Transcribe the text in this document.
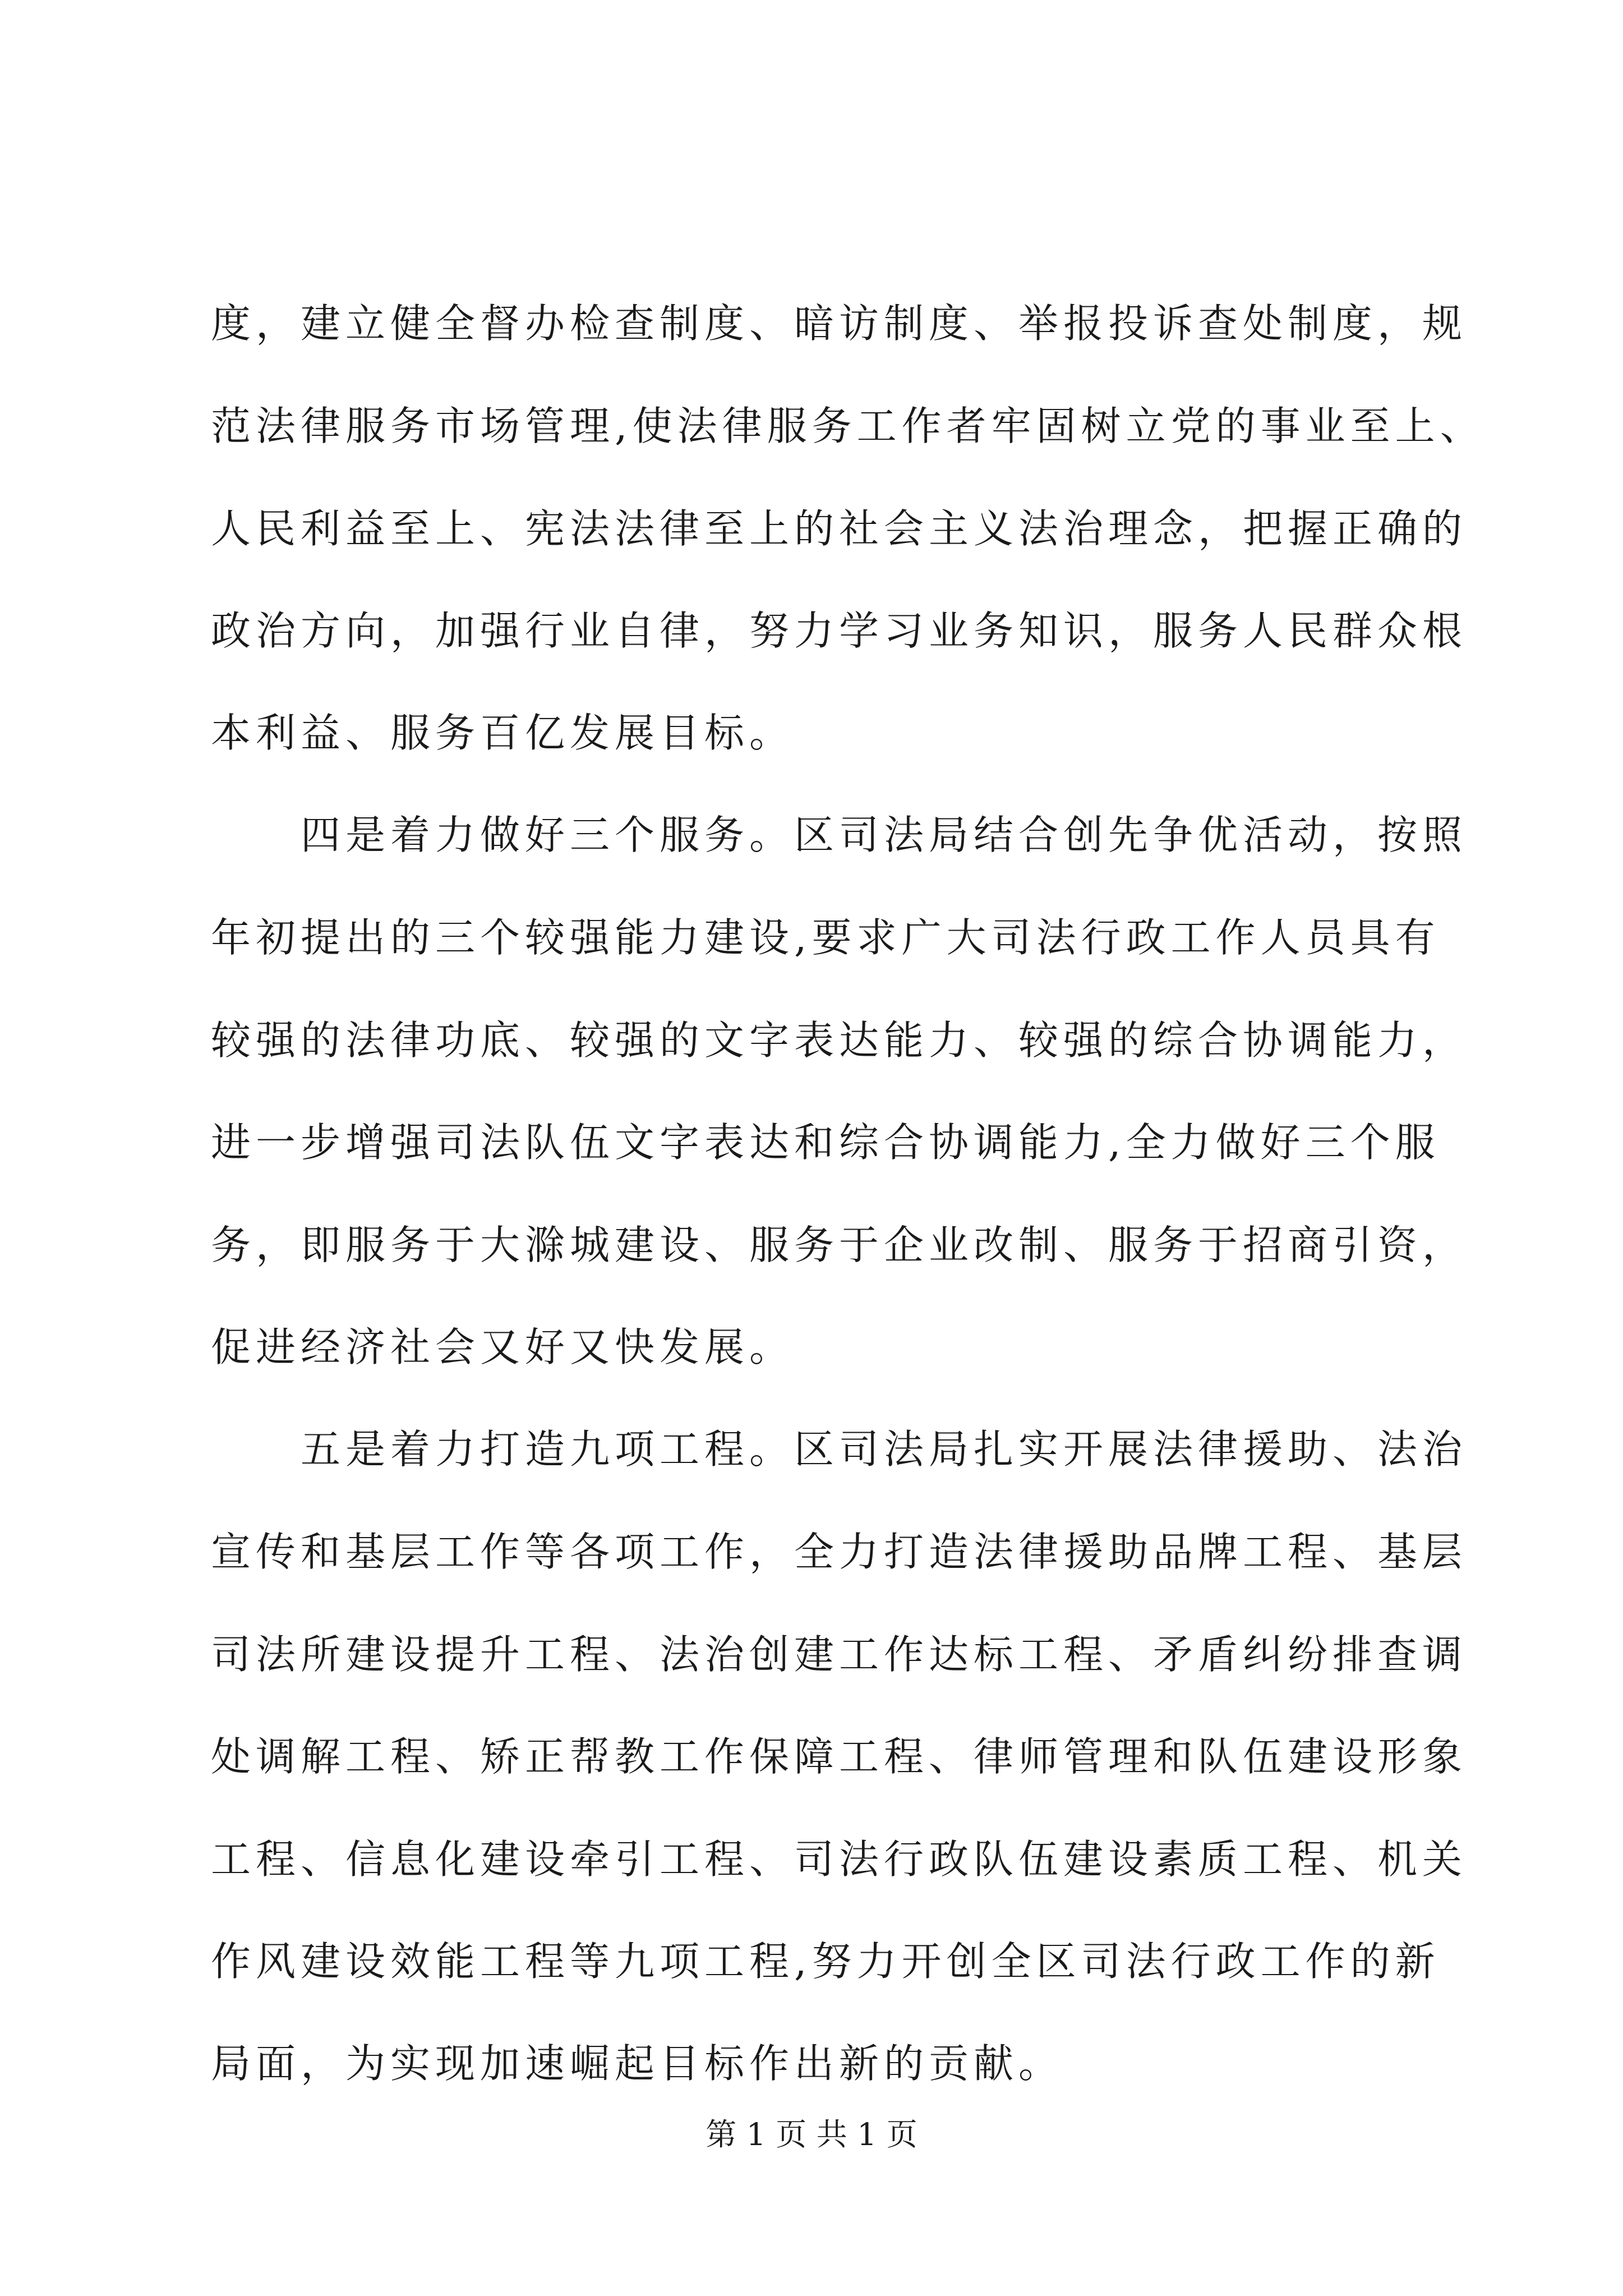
度，建立健全督办检查制度、暗访制度、举报投诉查处制度，规
范法律服务市场管理,使法律服务工作者牢固树立党的事业至上、
人民利益至上、宪法法律至上的社会主义法治理念，把握正确的
政治方向，加强行业自律，努力学习业务知识，服务人民群众根
本利益、服务百亿发展目标。
　　四是着力做好三个服务。区司法局结合创先争优活动，按照
年初提出的三个较强能力建设,要求广大司法行政工作人员具有
较强的法律功底、较强的文字表达能力、较强的综合协调能力，
进一步增强司法队伍文字表达和综合协调能力,全力做好三个服
务，即服务于大滁城建设、服务于企业改制、服务于招商引资，
促进经济社会又好又快发展。
　　五是着力打造九项工程。区司法局扎实开展法律援助、法治
宣传和基层工作等各项工作，全力打造法律援助品牌工程、基层
司法所建设提升工程、法治创建工作达标工程、矛盾纠纷排查调
处调解工程、矫正帮教工作保障工程、律师管理和队伍建设形象
工程、信息化建设牵引工程、司法行政队伍建设素质工程、机关
作风建设效能工程等九项工程,努力开创全区司法行政工作的新
局面，为实现加速崛起目标作出新的贡献。
第 1 页 共 1 页
